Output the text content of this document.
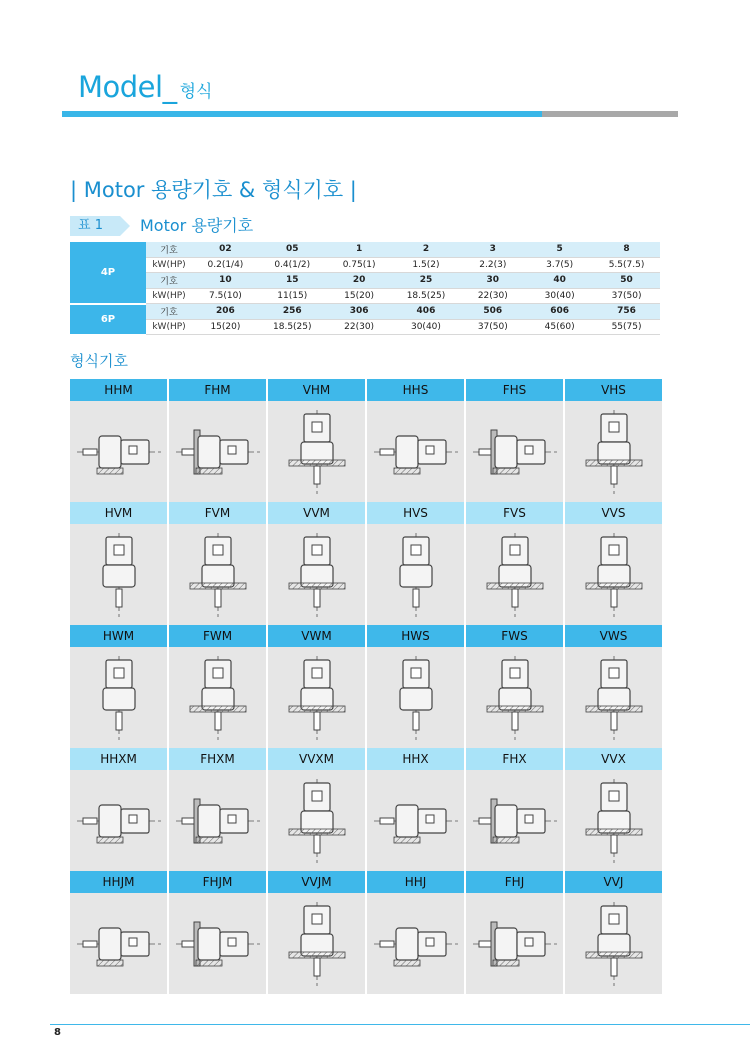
Model_ 형식
| Motor 용량기호 & 형식기호 |
표 1	Motor 용량기호
4P	기호	02	05	1	2	3	5	8
	kW(HP)	0.2(1/4)	0.4(1/2)	0.75(1)	1.5(2)	2.2(3)	3.7(5)	5.5(7.5)
	기호	10	15	20	25	30	40	50
	kW(HP)	7.5(10)	11(15)	15(20)	18.5(25)	22(30)	30(40)	37(50)
6P	기호	206	256	306	406	506	606	756
	kW(HP)	15(20)	18.5(25)	22(30)	30(40)	37(50)	45(60)	55(75)
형식기호
HHM	FHM	VHM	HHS	FHS	VHS
HVM	FVM	VVM	HVS	FVS	VVS
HWM	FWM	VWM	HWS	FWS	VWS
HHXM	FHXM	VVXM	HHX	FHX	VVX
HHJM	FHJM	VVJM	HHJ	FHJ	VVJ
8
